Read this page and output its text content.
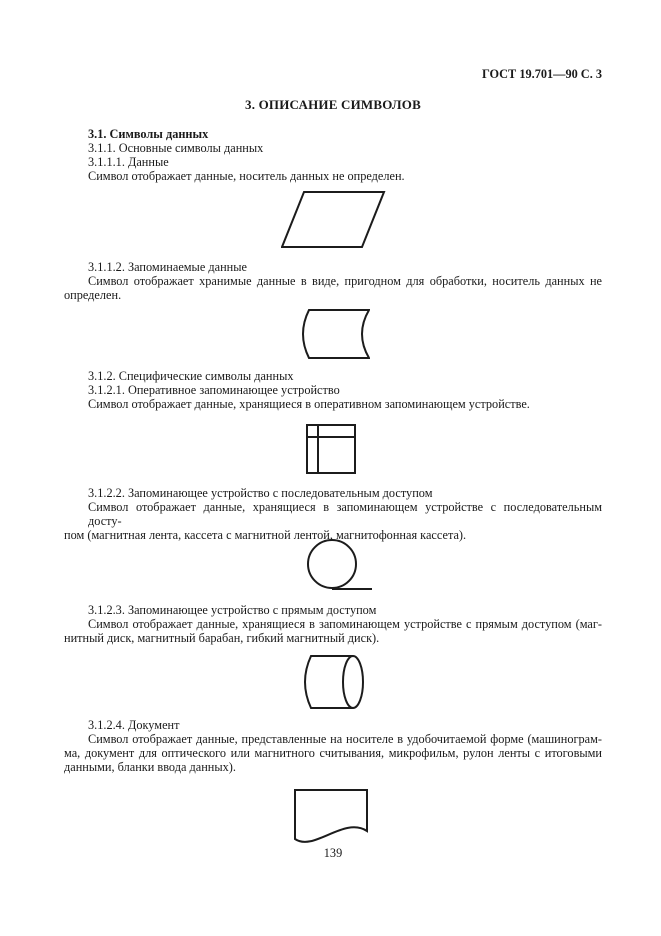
ГОСТ 19.701—90 С. 3
3. ОПИСАНИЕ СИМВОЛОВ
3.1. Символы данных
3.1.1. Основные символы данных
3.1.1.1. Данные
Символ отображает данные, носитель данных не определен.
3.1.1.2. Запоминаемые данные
Символ отображает хранимые данные в виде, пригодном для обработки, носитель данных не
определен.
3.1.2. Специфические символы данных
3.1.2.1. Оперативное запоминающее устройство
Символ отображает данные, хранящиеся в оперативном запоминающем устройстве.
3.1.2.2. Запоминающее устройство с последовательным доступом
Символ отображает данные, хранящиеся в запоминающем устройстве с последовательным досту-
пом (магнитная лента, кассета с магнитной лентой, магнитофонная кассета).
3.1.2.3. Запоминающее устройство с прямым доступом
Символ отображает данные, хранящиеся в запоминающем устройстве с прямым доступом (маг-
нитный диск, магнитный барабан, гибкий магнитный диск).
3.1.2.4. Документ
Символ отображает данные, представленные на носителе в удобочитаемой форме (машинограм-
ма, документ для оптического или магнитного считывания, микрофильм, рулон ленты с итоговыми
данными, бланки ввода данных).
139
